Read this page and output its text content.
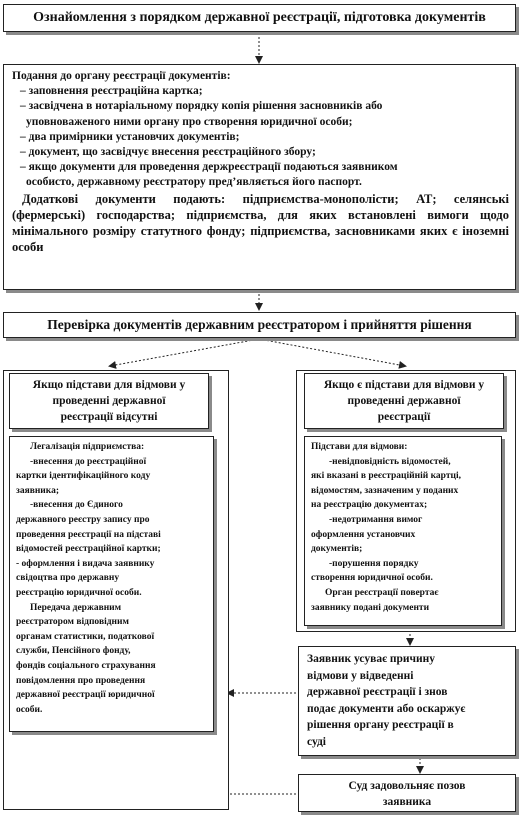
Ознайомлення з порядком державної реєстрації, підготовка документів
Подання до органу реєстрації документів:
– заповнення реєстраційна картка;
– засвідчена в нотаріальному порядку копія рішення засновників або
уповноваженого ними органу про створення юридичної особи;
– два примірники установчих документів;
– документ, що засвідчує внесення реєстраційного збору;
– якщо документи для проведення держреєстрації подаються заявником
особисто, державному реєстратору пред’являється його паспорт.
Додаткові документи подають: підприємства-монополісти; АТ; селянські (фермерські) господарства; підприємства, для яких встановлені вимоги щодо мінімального розміру статутного фонду; підприємства, засновниками яких є іноземні особи
Перевірка документів державним реєстратором і прийняття рішення
Якщо підстави для відмови у
проведенні державної
реєстрації відсутні
Легалізація підприємства:
-внесення до реєстраційної
картки ідентифікаційного коду
заявника;
-внесення до Єдиного
державного реєстру запису про
проведення реєстрації на підставі
відомостей реєстраційної картки;
- оформлення і видача заявнику
свідоцтва про державну
реєстрацію юридичної особи.
Передача державним
реєстратором відповідним
органам статистики, податкової
служби, Пенсійного фонду,
фондів соціального страхування
повідомлення про проведення
державної реєстрації юридичної
особи.
Якщо є підстави для відмови у
проведенні державної
реєстрації
Підстави для відмови:
-невідповідність відомостей,
які вказані в реєстраційній картці,
відомостям, зазначеним у поданих
на реєстрацію документах;
-недотримання вимог
оформлення установчих
документів;
-порушення порядку
створення юридичної особи.
Орган реєстрації повертає
заявнику подані документи
Заявник усуває причину
відмови у відведенні
державної реєстрації і знов
подає документи або оскаржує
рішення органу реєстрації в
суді
Суд задовольняє позов
заявника
